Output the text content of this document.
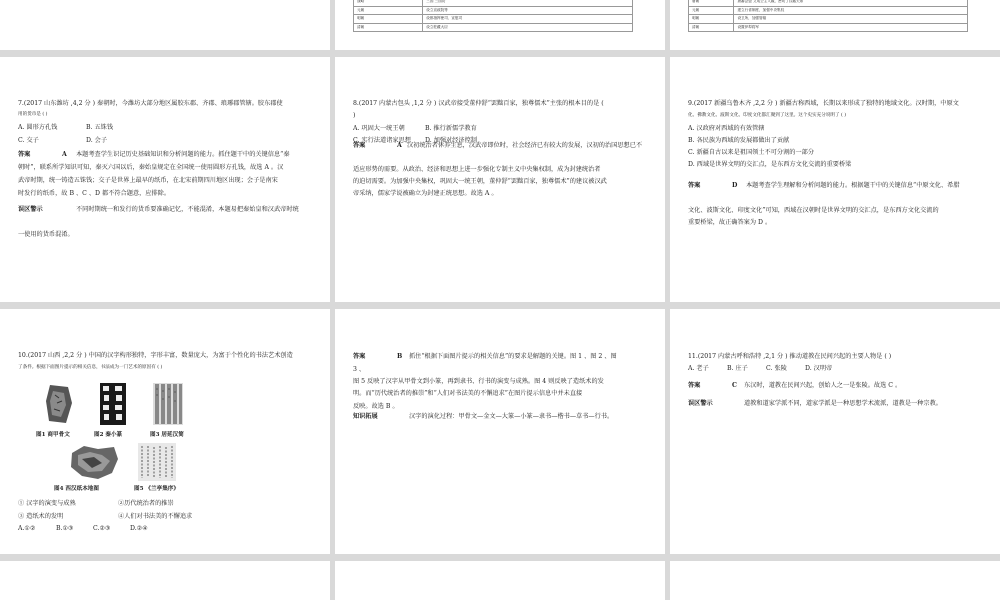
战略	三国 三国初
元朝	设立宣政院等
明朝	设都指挥使司、宣慰司
清朝	设立驻藏大臣
唐朝	唐蕃会盟 文成公主入藏，密切了汉藏关系
元朝	建立行省制度，加强中央集权
明朝	设卫所，加强管辖
清朝	设置伊犁将军
7.(2017 山东潍坊 ,4,2 分 ) 秦朝时，今潍坊大部分地区属胶东郡、齐郡、琅琊郡管辖。胶东郡使
用的货币是 ( )
A. 圆形方孔钱	B. 五铢钱
C. 交子	D. 会子
答案	A 本题考查学生识记历史基础知识和分析问题的能力。抓住题干中的关键信息“秦
朝时”，联系所学知识可知，秦灭六国以后，秦始皇规定在全国统一使用圆形方孔钱，故选 A 。汉
武帝时期，统一铸造五铢钱；交子是世界上最早的纸币，在北宋前期四川地区出现；会子是南宋
时发行的纸币，故 B 、C 、D 都不符合题意，应排除。
误区警示	不同时期统一和发行的货币要准确记忆，不能混淆，本题易把秦始皇和汉武帝时统
一使用的货币混淆。
8.(2017 内蒙古包头 ,1,2 分 ) 汉武帝接受董仲舒“罢黜百家，独尊儒术”主张的根本目的是 (
)
A. 巩固大一统王朝	B. 推行新儒学教育
C. 实行法道诸家思想 D. 加强对经济控制
答案	A 汉初统治者休养生息，汉武帝即位时，社会经济已有较大的发展，汉初的治国思想已不
适应形势的需要。从政治、经济和思想上进一步强化专制主义中央集权制，成为封建统治者
的迫切需要。为加强中央集权，巩固大一统王朝，董仲舒“罢黜百家，独尊儒术”的建议被汉武
帝采纳，儒家学说被确立为封建正统思想。故选 A 。
9.(2017 新疆乌鲁木齐 ,2,2 分 ) 新疆古称西域，长期以来形成了独特的地域文化。汉时期，中原文
化、佛教文化、波斯文化、印度文化都汇聚到了这里。这个史实充分说明了 ( )
A. 汉政府对西域的有效管辖
B. 各民族为西域的发展都做出了贡献
C. 新疆自古以来是祖国领土不可分割的一部分
D. 西域是世界文明的交汇点，是东西方文化交流的重要桥梁
答案	D 本题考查学生理解和分析问题的能力。根据题干中的关键信息“中原文化、希腊
文化、波斯文化、印度文化”可知，西域在汉朝时是世界文明的交汇点，是东西方文化交流的
重要桥梁，故正确答案为 D 。
10.(2017 山西 ,2,2 分 ) 中国的汉字构形独特，字形丰富，数量庞大，为富于个性化的书法艺术创造
了条件。根据下面图片提示的相关信息，书法成为一门艺术的原因有 ( )
图1 商甲骨文	图2 秦小篆	图3 居延汉简
图4 西汉纸本地图	图5 《兰亭集序》
① 汉字的演变与成熟	②历代统治者的推崇
③ 造纸术的发明	④人们对书法美的不懈追求
A.①②	B.①③	C.②③	D.②④
答案	B 抓住“根据下面图片提示的相关信息”的要求是解题的关键。图 1 、图 2 、图
3 、
图 5 反映了汉字从甲骨文到小篆，再到隶书、行书的演变与成熟。图 4 则反映了造纸术的发
明。而“历代统治者的推崇”和“人们对书法美的不懈追求”在图片提示信息中并未直接
反映。故选 B 。
知识拓展	汉字的演化过程：甲骨文—金文—大篆—小篆—隶书—楷书—草书—行书。
11.(2017 内蒙古呼和浩特 ,2,1 分 ) 推动道教在民间兴起的主要人物是 ( )
A. 老子	B. 庄子	C. 张陵	D. 汉明帝
答案	C 东汉时，道教在民间兴起，创始人之一是张陵。故选 C 。
误区警示	道教和道家学派不同，道家学派是一种思想学术流派，道教是一种宗教。
